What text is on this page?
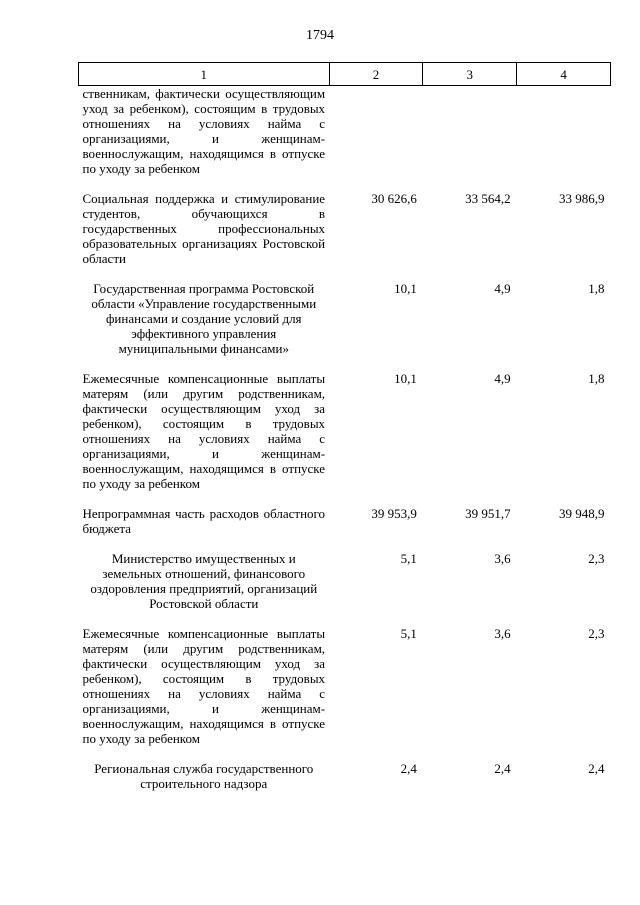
1794
1	2	3	4
ственникам, фактически осуществляющим уход за ребенком), состоящим в трудовых отношениях на условиях найма с организациями, и женщинам-военнослужащим, находящимся в отпуске по уходу за ребенком			

Социальная поддержка и стимулирование студентов, обучающихся в государственных профессиональных образовательных организациях Ростовской области	30 626,6	33 564,2	33 986,9

Государственная программа Ростовской области «Управление государственными финансами и создание условий для эффективного управления муниципальными финансами»	10,1	4,9	1,8

Ежемесячные компенсационные выплаты матерям (или другим родственникам, фактически осуществляющим уход за ребенком), состоящим в трудовых отношениях на условиях найма с организациями, и женщинам-военнослужащим, находящимся в отпуске по уходу за ребенком	10,1	4,9	1,8

Непрограммная часть расходов областного бюджета	39 953,9	39 951,7	39 948,9

Министерство имущественных и земельных отношений, финансового оздоровления предприятий, организаций Ростовской области	5,1	3,6	2,3

Ежемесячные компенсационные выплаты матерям (или другим родственникам, фактически осуществляющим уход за ребенком), состоящим в трудовых отношениях на условиях найма с организациями, и женщинам-военнослужащим, находящимся в отпуске по уходу за ребенком	5,1	3,6	2,3

Региональная служба государственного строительного надзора	2,4	2,4	2,4
